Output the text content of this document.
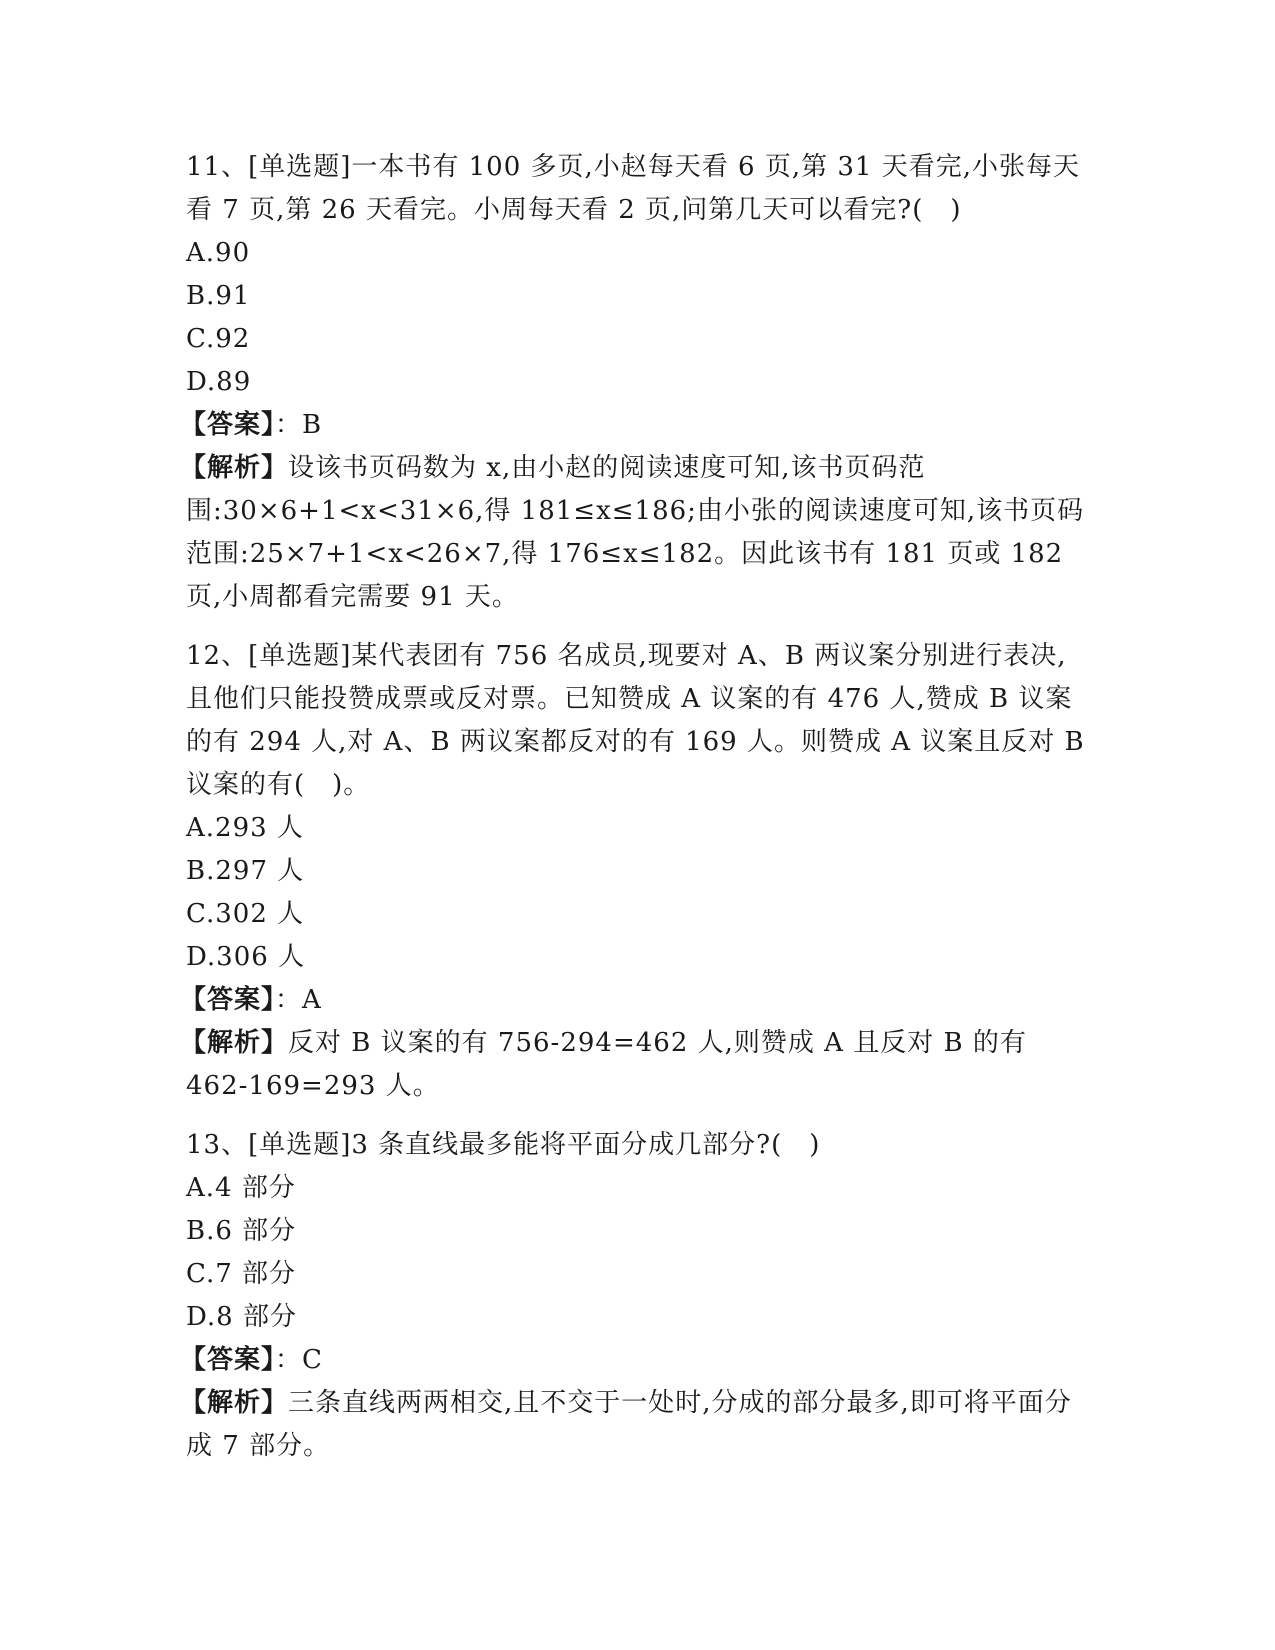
11、[单选题]一本书有 100 多页,小赵每天看 6 页,第 31 天看完,小张每天看 7 页,第 26 天看完。小周每天看 2 页,问第几天可以看完?(　)

A.90

B.91

C.92

D.89

【答案】：B

【解析】设该书页码数为 x,由小赵的阅读速度可知,该书页码范围:30×6+1<x<31×6,得 181≤x≤186;由小张的阅读速度可知,该书页码范围:25×7+1<x<26×7,得 176≤x≤182。因此该书有 181 页或 182 页,小周都看完需要 91 天。

12、[单选题]某代表团有 756 名成员,现要对 A、B 两议案分别进行表决,且他们只能投赞成票或反对票。已知赞成 A 议案的有 476 人,赞成 B 议案的有 294 人,对 A、B 两议案都反对的有 169 人。则赞成 A 议案且反对 B 议案的有(　)。

A.293 人

B.297 人

C.302 人

D.306 人

【答案】：A

【解析】反对 B 议案的有 756-294=462 人,则赞成 A 且反对 B 的有 462-169=293 人。

13、[单选题]3 条直线最多能将平面分成几部分?(　)

A.4 部分

B.6 部分

C.7 部分

D.8 部分

【答案】：C

【解析】三条直线两两相交,且不交于一处时,分成的部分最多,即可将平面分成 7 部分。
